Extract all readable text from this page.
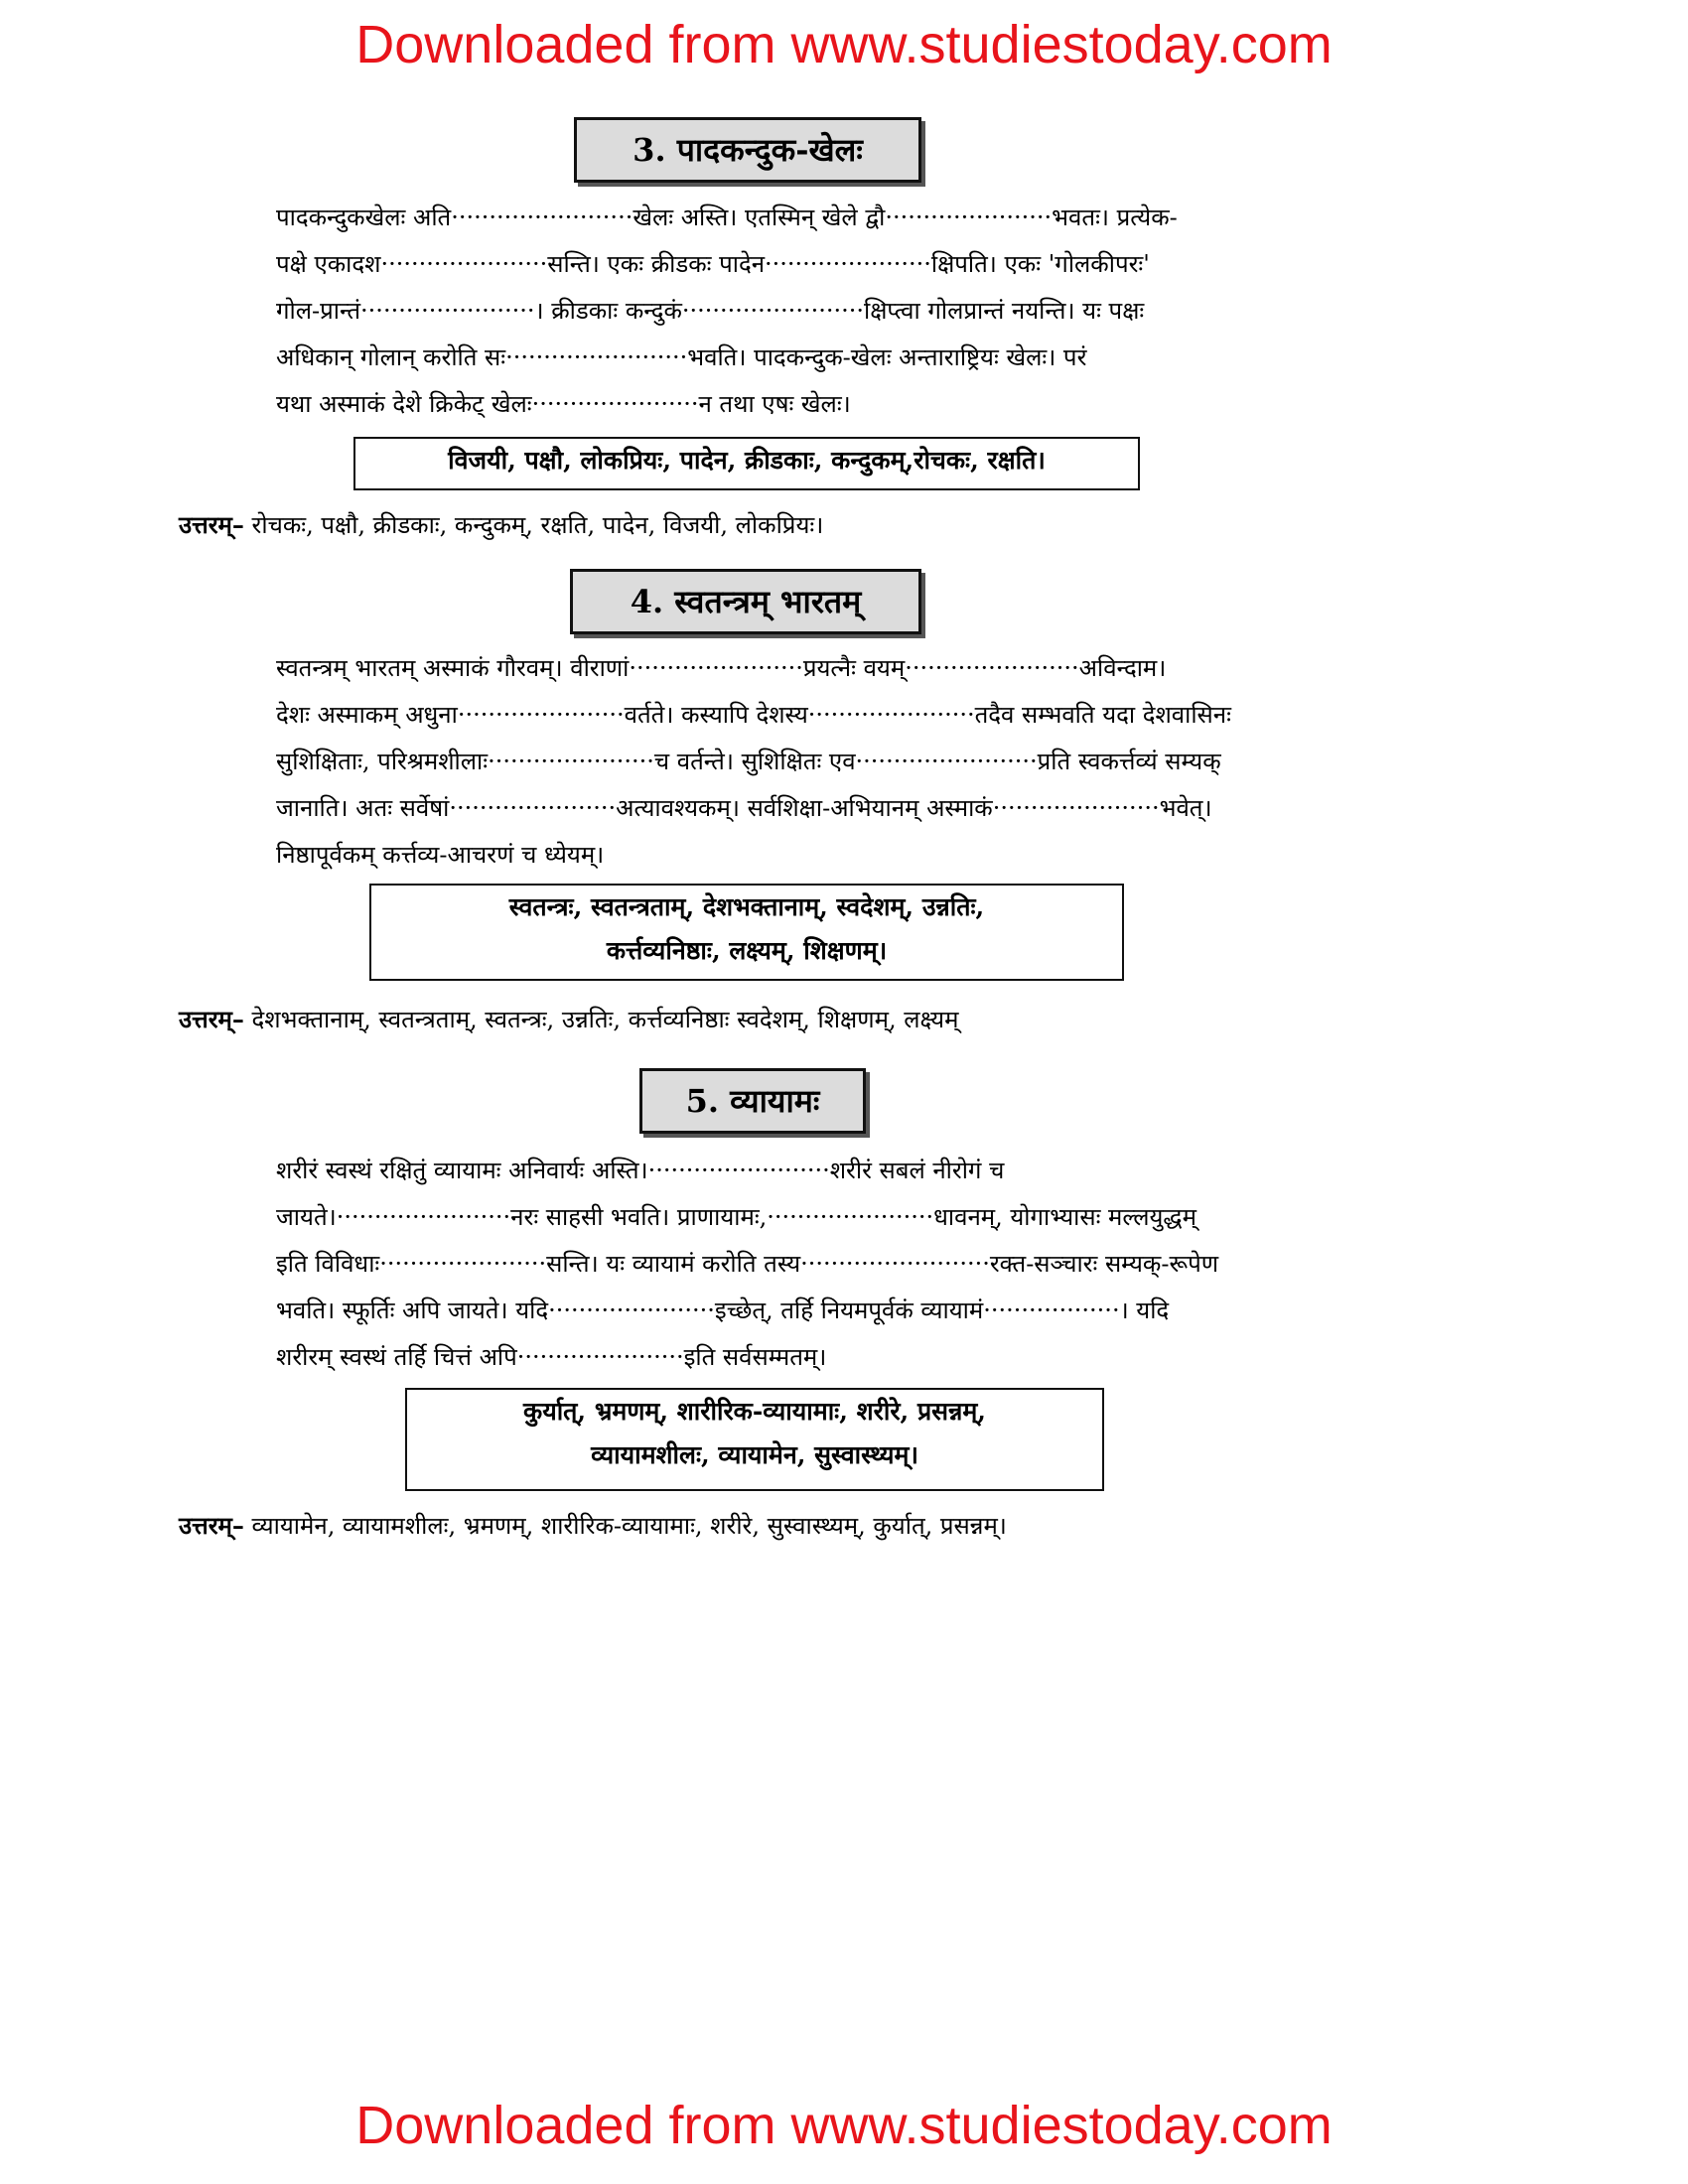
Downloaded from www.studiestoday.com
3. पादकन्दुक-खेलः
पादकन्दुकखेलः अति························खेलः अस्ति। एतस्मिन् खेले द्वौ······················भवतः। प्रत्येक-
पक्षे एकादश······················सन्ति। एकः क्रीडकः पादेन······················क्षिपति। एकः 'गोलकीपरः'
गोल-प्रान्तं·······················। क्रीडकाः कन्दुकं························क्षिप्त्वा गोलप्रान्तं नयन्ति। यः पक्षः
अधिकान् गोलान् करोति सः························भवति। पादकन्दुक-खेलः अन्ताराष्ट्रियः खेलः। परं
यथा अस्माकं देशे क्रिकेट् खेलः······················न तथा एषः खेलः।
विजयी, पक्षौ, लोकप्रियः, पादेन, क्रीडकाः, कन्दुकम्,रोचकः, रक्षति।
उत्तरम्– रोचकः, पक्षौ, क्रीडकाः, कन्दुकम्, रक्षति, पादेन, विजयी, लोकप्रियः।
4. स्वतन्त्रम् भारतम्
स्वतन्त्रम् भारतम् अस्माकं गौरवम्। वीराणां·······················प्रयत्नैः वयम्·······················अविन्दाम।
देशः अस्माकम् अधुना······················वर्तते। कस्यापि देशस्य······················तदैव सम्भवति यदा देशवासिनः
सुशिक्षिताः, परिश्रमशीलाः······················च वर्तन्ते। सुशिक्षितः एव························प्रति स्वकर्त्तव्यं सम्यक्
जानाति। अतः सर्वेषां······················अत्यावश्यकम्। सर्वशिक्षा-अभियानम् अस्माकं······················भवेत्।
निष्ठापूर्वकम् कर्त्तव्य-आचरणं च ध्येयम्।
स्वतन्त्रः, स्वतन्त्रताम्, देशभक्तानाम्, स्वदेशम्, उन्नतिः,
कर्त्तव्यनिष्ठाः, लक्ष्यम्, शिक्षणम्।
उत्तरम्– देशभक्तानाम्, स्वतन्त्रताम्, स्वतन्त्रः, उन्नतिः, कर्त्तव्यनिष्ठाः स्वदेशम्, शिक्षणम्, लक्ष्यम्
5. व्यायामः
शरीरं स्वस्थं रक्षितुं व्यायामः अनिवार्यः अस्ति।························शरीरं सबलं नीरोगं च
जायते।·······················नरः साहसी भवति। प्राणायामः,······················धावनम्, योगाभ्यासः मल्लयुद्धम्
इति विविधाः······················सन्ति। यः व्यायामं करोति तस्य·························रक्त-सञ्चारः सम्यक्-रूपेण
भवति। स्फूर्तिः अपि जायते। यदि······················इच्छेत्, तर्हि नियमपूर्वकं व्यायामं··················। यदि
शरीरम् स्वस्थं तर्हि चित्तं अपि······················इति सर्वसम्मतम्।
कुर्यात्, भ्रमणम्, शारीरिक-व्यायामाः, शरीरे, प्रसन्नम्,
व्यायामशीलः, व्यायामेन, सुस्वास्थ्यम्।
उत्तरम्– व्यायामेन, व्यायामशीलः, भ्रमणम्, शारीरिक-व्यायामाः, शरीरे, सुस्वास्थ्यम्, कुर्यात्, प्रसन्नम्।
Downloaded from www.studiestoday.com
